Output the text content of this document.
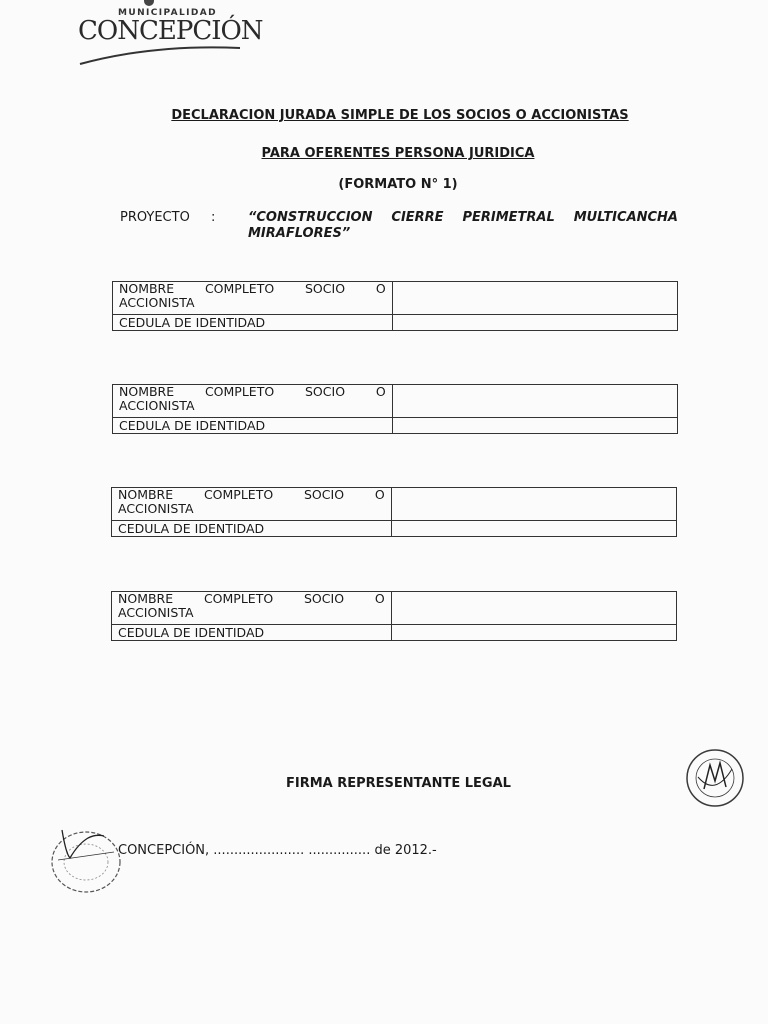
MUNICIPALIDAD
CONCEPCIÓN
DECLARACION JURADA SIMPLE DE LOS SOCIOS O ACCIONISTAS
PARA OFERENTES PERSONA JURIDICA
(FORMATO N° 1)
PROYECTO :	“CONSTRUCCION CIERRE PERIMETRAL MULTICANCHA MIRAFLORES”
NOMBRE COMPLETO SOCIO O
ACCIONISTA	

CEDULA DE IDENTIDAD	
NOMBRE COMPLETO SOCIO O
ACCIONISTA	

CEDULA DE IDENTIDAD	
NOMBRE COMPLETO SOCIO O
ACCIONISTA	

CEDULA DE IDENTIDAD	
NOMBRE COMPLETO SOCIO O
ACCIONISTA	

CEDULA DE IDENTIDAD	
FIRMA REPRESENTANTE LEGAL
CONCEPCIÓN, ...................... ............... de 2012.-
